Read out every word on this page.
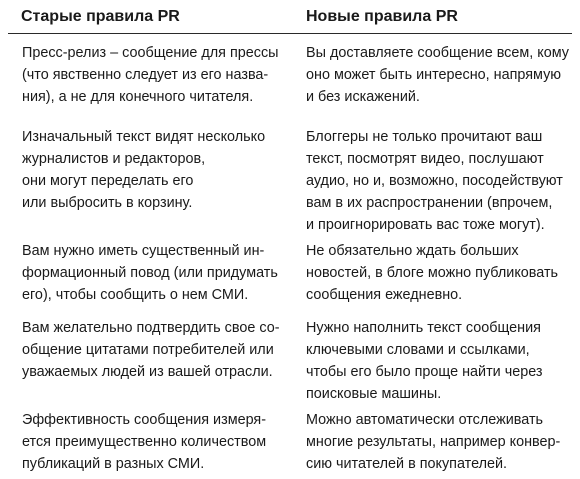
Старые правила PR	Новые правила PR
Пресс-релиз – сообщение для прессы
(что явственно следует из его назва-
ния), а не для конечного читателя.
Вы доставляете сообщение всем, кому
оно может быть интересно, напрямую
и без искажений.
Изначальный текст видят несколько
журналистов и редакторов,
они могут переделать его
или выбросить в корзину.
Блоггеры не только прочитают ваш
текст, посмотрят видео, послушают
аудио, но и, возможно, посодействуют
вам в их распространении (впрочем,
и проигнорировать вас тоже могут).
Вам нужно иметь существенный ин-
формационный повод (или придумать
его), чтобы сообщить о нем СМИ.
Не обязательно ждать больших
новостей, в блоге можно публиковать
сообщения ежедневно.
Вам желательно подтвердить свое со-
общение цитатами потребителей или
уважаемых людей из вашей отрасли.
Нужно наполнить текст сообщения
ключевыми словами и ссылками,
чтобы его было проще найти через
поисковые машины.
Эффективность сообщения измеря-
ется преимущественно количеством
публикаций в разных СМИ.
Можно автоматически отслеживать
многие результаты, например конвер-
сию читателей в покупателей.
